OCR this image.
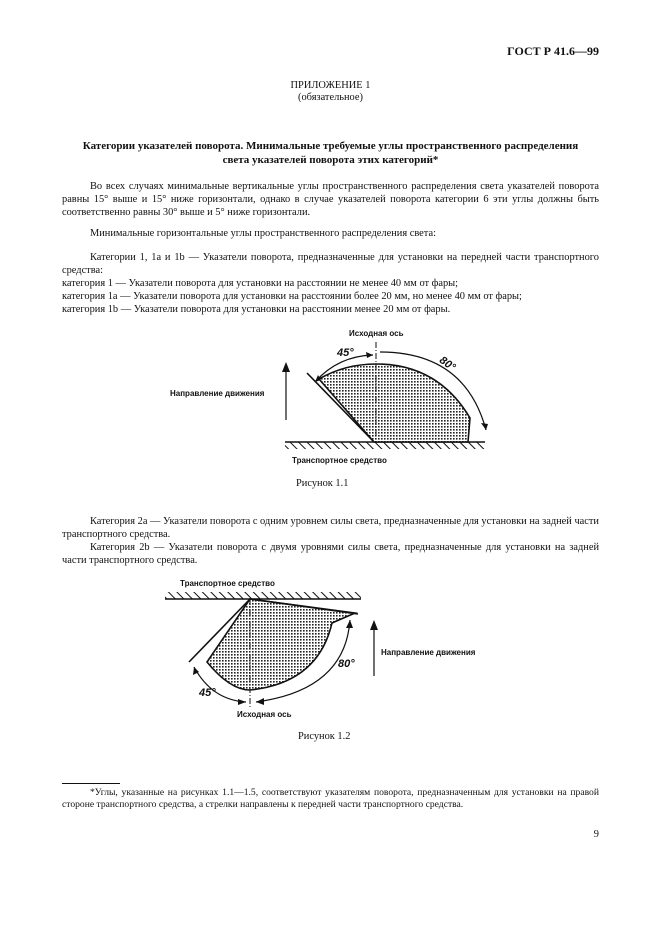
ГОСТ Р 41.6—99
ПРИЛОЖЕНИЕ 1
(обязательное)
Категории указателей поворота. Минимальные требуемые углы пространственного распределения
света указателей поворота этих категорий*
Во всех случаях минимальные вертикальные углы пространственного распределения света указателей поворота равны 15° выше и 15° ниже горизонтали, однако в случае указателей поворота категории 6 эти углы должны быть соответственно равны 30° выше и 5° ниже горизонтали.
Минимальные горизонтальные углы пространственного распределения света:
Категории 1, 1а и 1b — Указатели поворота, предназначенные для установки на передней части транспортного средства:
категория 1 — Указатели поворота для установки на расстоянии не менее 40 мм от фары;
категория 1а — Указатели поворота для установки на расстоянии более 20 мм, но менее 40 мм от фары;
категория 1b — Указатели поворота для установки на расстоянии менее 20 мм от фары.
Исходная ось
45°
80°
Направление движения
Транспортное средство
Рисунок 1.1
Категория 2а — Указатели поворота с одним уровнем силы света, предназначенные для установки на задней части транспортного средства.
Категория 2b — Указатели поворота с двумя уровнями силы света, предназначенные для установки на задней части транспортного средства.
Транспортное средство
Направление движения
80°
45°
Исходная ось
Рисунок 1.2
*Углы, указанные на рисунках 1.1—1.5, соответствуют указателям поворота, предназначенным для установки на правой стороне транспортного средства, а стрелки направлены к передней части транспортного средства.
9
